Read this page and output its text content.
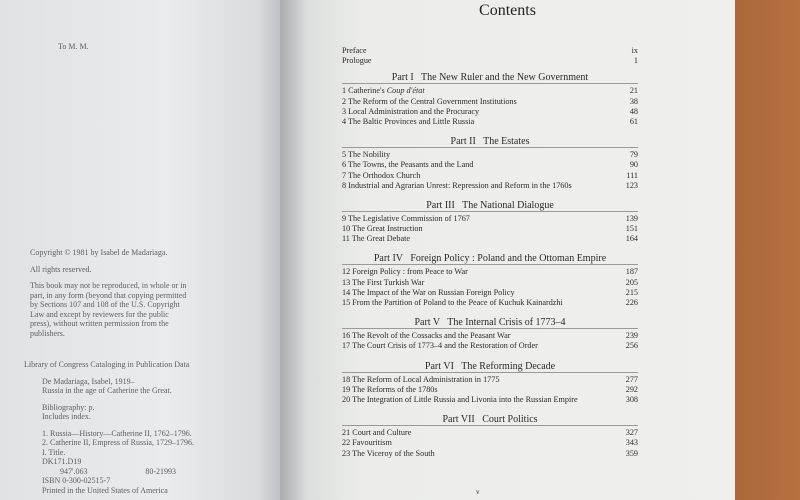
To M. M.
Copyright © 1981 by Isabel de Madariaga.
All rights reserved.
This book may not be reproduced, in whole or in part, in any form (beyond that copying permitted by Sections 107 and 108 of the U.S. Copyright Law and except by reviewers for the public press), without written permission from the publishers.
Library of Congress Cataloging in Publication Data
De Madariaga, Isabel, 1919–
Russia in the age of Catherine the Great.
Bibliography: p.
Includes index.
1. Russia—History—Catherine II, 1762–1796.
2. Catherine II, Empress of Russia, 1729–1796.
I. Title.
DK171.D19
947'.063	80-21993
ISBN 0-300-02515-7
Printed in the United States of America
Contents
Preface	ix
Prologue	1
Part I   The New Ruler and the New Government
1 Catherine's Coup d'état	21
2 The Reform of the Central Government Institutions	38
3 Local Administration and the Procuracy	48
4 The Baltic Provinces and Little Russia	61
Part II   The Estates
5 The Nobility	79
6 The Towns, the Peasants and the Land	90
7 The Orthodox Church	111
8 Industrial and Agrarian Unrest: Repression and Reform in the 1760s	123
Part III   The National Dialogue
9 The Legislative Commission of 1767	139
10 The Great Instruction	151
11 The Great Debate	164
Part IV   Foreign Policy : Poland and the Ottoman Empire
12 Foreign Policy : from Peace to War	187
13 The First Turkish War	205
14 The Impact of the War on Russian Foreign Policy	215
15 From the Partition of Poland to the Peace of Kuchuk Kainardzhi	226
Part V   The Internal Crisis of 1773–4
16 The Revolt of the Cossacks and the Peasant War	239
17 The Court Crisis of 1773–4 and the Restoration of Order	256
Part VI   The Reforming Decade
18 The Reform of Local Administration in 1775	277
19 The Reforms of the 1780s	292
20 The Integration of Little Russia and Livonia into the Russian Empire	308
Part VII   Court Politics
21 Court and Culture	327
22 Favouritism	343
23 The Viceroy of the South	359
v
